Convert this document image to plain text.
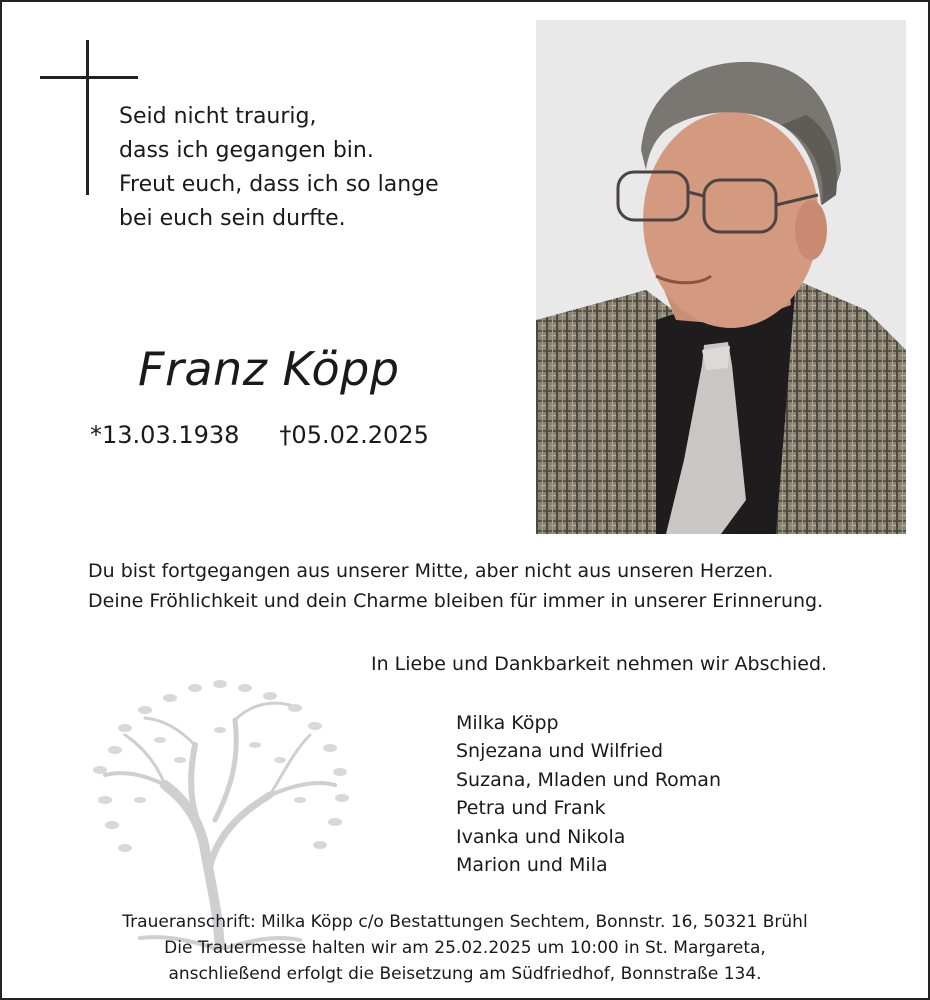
Seid nicht traurig,
dass ich gegangen bin.
Freut euch, dass ich so lange
bei euch sein durfte.
Franz Köpp
*13.03.1938 †05.02.2025
Du bist fortgegangen aus unserer Mitte, aber nicht aus unseren Herzen.
Deine Fröhlichkeit und dein Charme bleiben für immer in unserer Erinnerung.
In Liebe und Dankbarkeit nehmen wir Abschied.
Milka Köpp
Snjezana und Wilfried
Suzana, Mladen und Roman
Petra und Frank
Ivanka und Nikola
Marion und Mila
Traueranschrift: Milka Köpp c/o Bestattungen Sechtem, Bonnstr. 16, 50321 Brühl
Die Trauermesse halten wir am 25.02.2025 um 10:00 in St. Margareta,
anschließend erfolgt die Beisetzung am Südfriedhof, Bonnstraße 134.
